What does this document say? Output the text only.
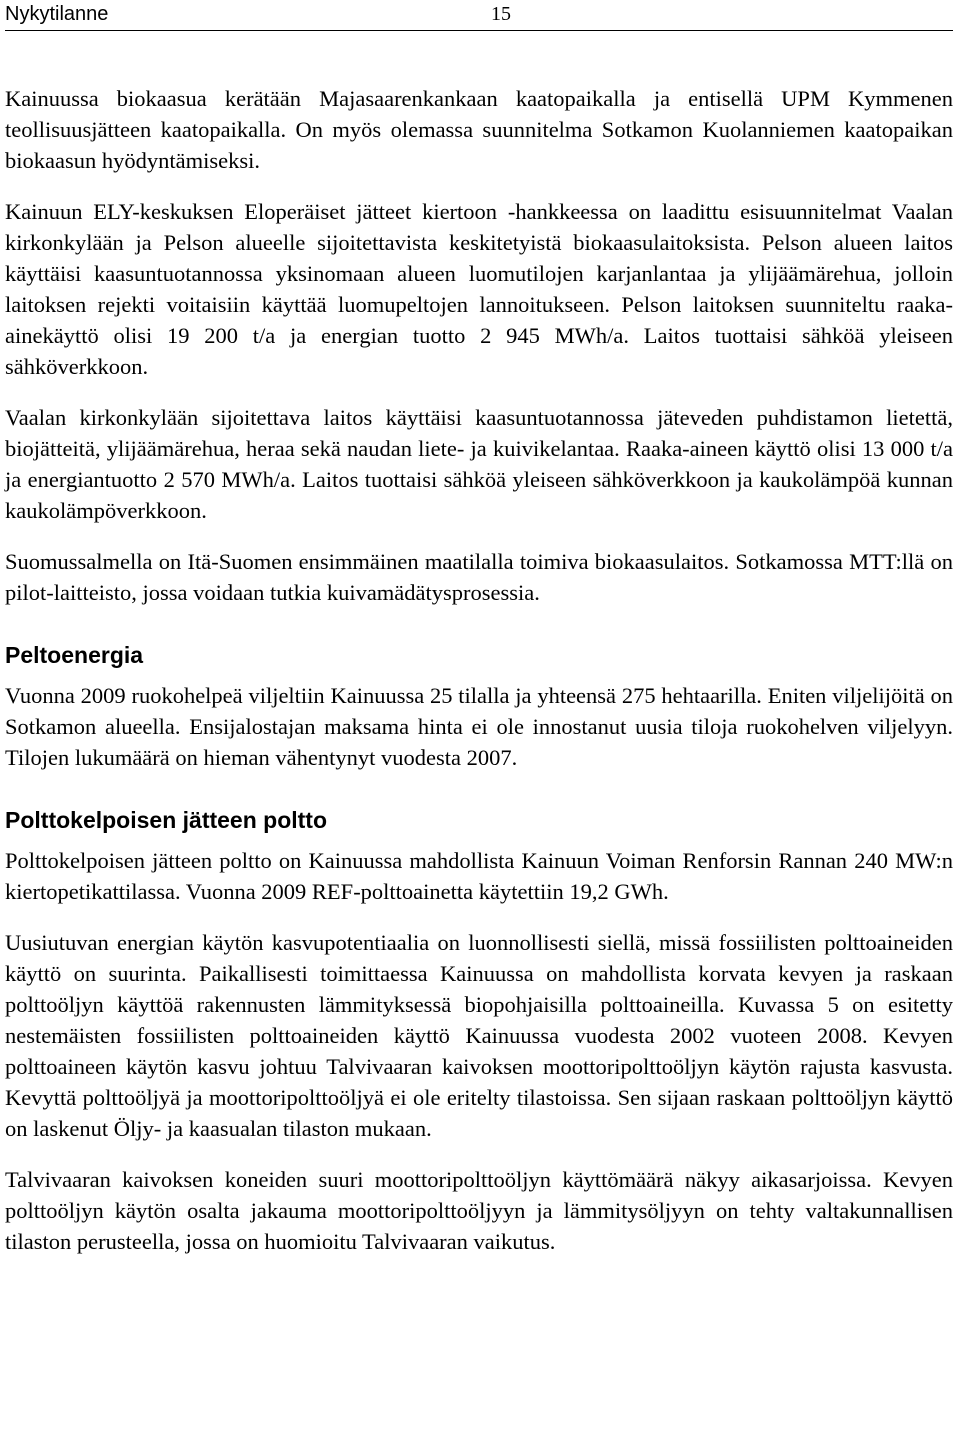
Nykytilanne	15

Kainuussa biokaasua kerätään Majasaarenkankaan kaatopaikalla ja entisellä UPM Kymmenen teollisuusjätteen kaatopaikalla. On myös olemassa suunnitelma Sotkamon Kuolanniemen kaatopaikan biokaasun hyödyntämiseksi.

Kainuun ELY-keskuksen Eloperäiset jätteet kiertoon -hankkeessa on laadittu esisuunnitelmat Vaalan kirkonkylään ja Pelson alueelle sijoitettavista keskitetyistä biokaasulaitoksista. Pelson alueen laitos käyttäisi kaasuntuotannossa yksinomaan alueen luomutilojen karjanlantaa ja ylijäämärehua, jolloin laitoksen rejekti voitaisiin käyttää luomupeltojen lannoitukseen. Pelson laitoksen suunniteltu raaka-ainekäyttö olisi 19 200 t/a ja energian tuotto 2 945 MWh/a. Laitos tuottaisi sähköä yleiseen sähköverkkoon.

Vaalan kirkonkylään sijoitettava laitos käyttäisi kaasuntuotannossa jäteveden puhdistamon lietettä, biojätteitä, ylijäämärehua, heraa sekä naudan liete- ja kuivikelantaa. Raaka-aineen käyttö olisi 13 000 t/a ja energiantuotto 2 570 MWh/a. Laitos tuottaisi sähköä yleiseen sähköverkkoon ja kaukolämpöä kunnan kaukolämpöverkkoon.

Suomussalmella on Itä-Suomen ensimmäinen maatilalla toimiva biokaasulaitos. Sotkamossa MTT:llä on pilot-laitteisto, jossa voidaan tutkia kuivamädätysprosessia.

Peltoenergia

Vuonna 2009 ruokohelpeä viljeltiin Kainuussa 25 tilalla ja yhteensä 275 hehtaarilla. Eniten viljelijöitä on Sotkamon alueella. Ensijalostajan maksama hinta ei ole innostanut uusia tiloja ruokohelven viljelyyn. Tilojen lukumäärä on hieman vähentynyt vuodesta 2007.

Polttokelpoisen jätteen poltto

Polttokelpoisen jätteen poltto on Kainuussa mahdollista Kainuun Voiman Renforsin Rannan 240 MW:n kiertopetikattilassa. Vuonna 2009 REF-polttoainetta käytettiin 19,2 GWh.

Uusiutuvan energian käytön kasvupotentiaalia on luonnollisesti siellä, missä fossiilisten polttoaineiden käyttö on suurinta. Paikallisesti toimittaessa Kainuussa on mahdollista korvata kevyen ja raskaan polttoöljyn käyttöä rakennusten lämmityksessä biopohjaisilla polttoaineilla. Kuvassa 5 on esitetty nestemäisten fossiilisten polttoaineiden käyttö Kainuussa vuodesta 2002 vuoteen 2008. Kevyen polttoaineen käytön kasvu johtuu Talvivaaran kaivoksen moottoripolttoöljyn käytön rajusta kasvusta. Kevyttä polttoöljyä ja moottoripolttoöljyä ei ole eritelty tilastoissa. Sen sijaan raskaan polttoöljyn käyttö on laskenut Öljy- ja kaasualan tilaston mukaan.

Talvivaaran kaivoksen koneiden suuri moottoripolttoöljyn käyttömäärä näkyy aikasarjoissa. Kevyen polttoöljyn käytön osalta jakauma moottoripolttoöljyyn ja lämmitysöljyyn on tehty valtakunnallisen tilaston perusteella, jossa on huomioitu Talvivaaran vaikutus.
